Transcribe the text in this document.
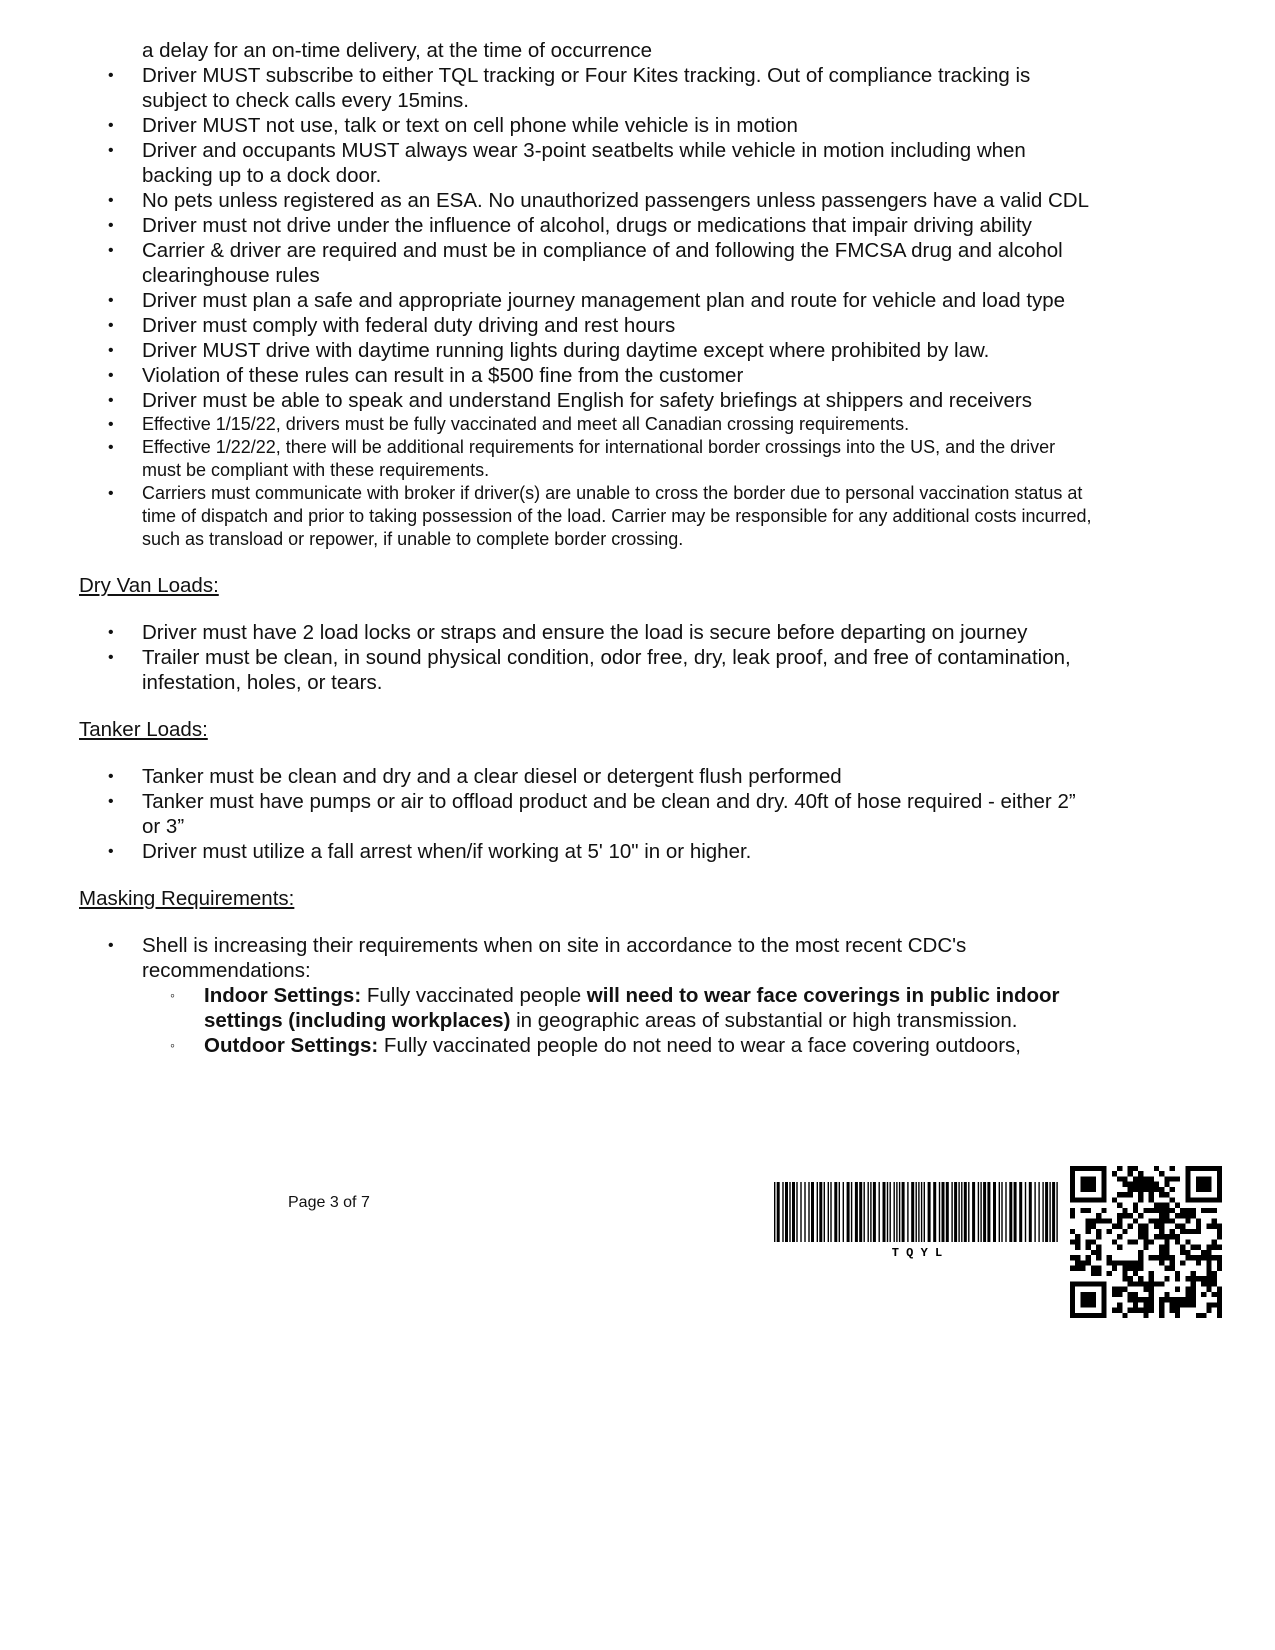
a delay for an on-time delivery, at the time of occurrence
• Driver MUST subscribe to either TQL tracking or Four Kites tracking. Out of compliance tracking is subject to check calls every 15mins.
• Driver MUST not use, talk or text on cell phone while vehicle is in motion
• Driver and occupants MUST always wear 3-point seatbelts while vehicle in motion including when backing up to a dock door.
• No pets unless registered as an ESA. No unauthorized passengers unless passengers have a valid CDL
• Driver must not drive under the influence of alcohol, drugs or medications that impair driving ability
• Carrier & driver are required and must be in compliance of and following the FMCSA drug and alcohol clearinghouse rules
• Driver must plan a safe and appropriate journey management plan and route for vehicle and load type
• Driver must comply with federal duty driving and rest hours
• Driver MUST drive with daytime running lights during daytime except where prohibited by law.
• Violation of these rules can result in a $500 fine from the customer
• Driver must be able to speak and understand English for safety briefings at shippers and receivers
• Effective 1/15/22, drivers must be fully vaccinated and meet all Canadian crossing requirements.
• Effective 1/22/22, there will be additional requirements for international border crossings into the US, and the driver must be compliant with these requirements.
• Carriers must communicate with broker if driver(s) are unable to cross the border due to personal vaccination status at time of dispatch and prior to taking possession of the load. Carrier may be responsible for any additional costs incurred, such as transload or repower, if unable to complete border crossing.
Dry Van Loads:
• Driver must have 2 load locks or straps and ensure the load is secure before departing on journey
• Trailer must be clean, in sound physical condition, odor free, dry, leak proof, and free of contamination, infestation, holes, or tears.
Tanker Loads:
• Tanker must be clean and dry and a clear diesel or detergent flush performed
• Tanker must have pumps or air to offload product and be clean and dry. 40ft of hose required - either 2” or 3”
• Driver must utilize a fall arrest when/if working at 5' 10" in or higher.
Masking Requirements:
• Shell is increasing their requirements when on site in accordance to the most recent CDC's recommendations:
◦ Indoor Settings: Fully vaccinated people will need to wear face coverings in public indoor settings (including workplaces) in geographic areas of substantial or high transmission.
◦ Outdoor Settings: Fully vaccinated people do not need to wear a face covering outdoors,
Page 3 of 7
T Q Y L
